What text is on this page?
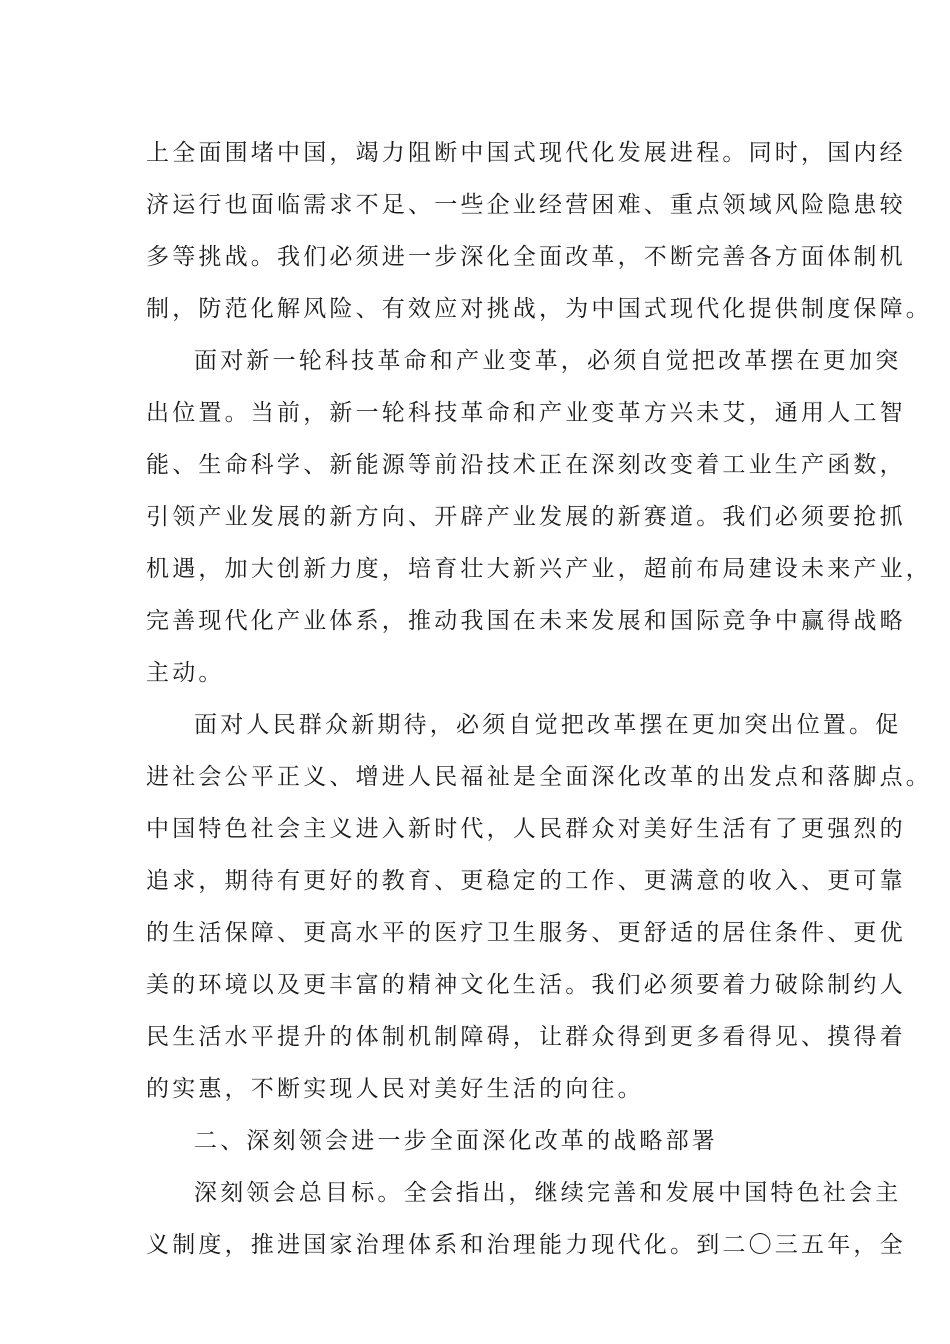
上全面围堵中国，竭力阻断中国式现代化发展进程。同时，国内经
济运行也面临需求不足、一些企业经营困难、重点领域风险隐患较
多等挑战。我们必须进一步深化全面改革，不断完善各方面体制机
制，防范化解风险、有效应对挑战，为中国式现代化提供制度保障。
面对新一轮科技革命和产业变革，必须自觉把改革摆在更加突
出位置。当前，新一轮科技革命和产业变革方兴未艾，通用人工智
能、生命科学、新能源等前沿技术正在深刻改变着工业生产函数，
引领产业发展的新方向、开辟产业发展的新赛道。我们必须要抢抓
机遇，加大创新力度，培育壮大新兴产业，超前布局建设未来产业，
完善现代化产业体系，推动我国在未来发展和国际竞争中赢得战略
主动。
面对人民群众新期待，必须自觉把改革摆在更加突出位置。促
进社会公平正义、增进人民福祉是全面深化改革的出发点和落脚点。
中国特色社会主义进入新时代，人民群众对美好生活有了更强烈的
追求，期待有更好的教育、更稳定的工作、更满意的收入、更可靠
的生活保障、更高水平的医疗卫生服务、更舒适的居住条件、更优
美的环境以及更丰富的精神文化生活。我们必须要着力破除制约人
民生活水平提升的体制机制障碍，让群众得到更多看得见、摸得着
的实惠，不断实现人民对美好生活的向往。
二、深刻领会进一步全面深化改革的战略部署
深刻领会总目标。全会指出，继续完善和发展中国特色社会主
义制度，推进国家治理体系和治理能力现代化。到二〇三五年，全
